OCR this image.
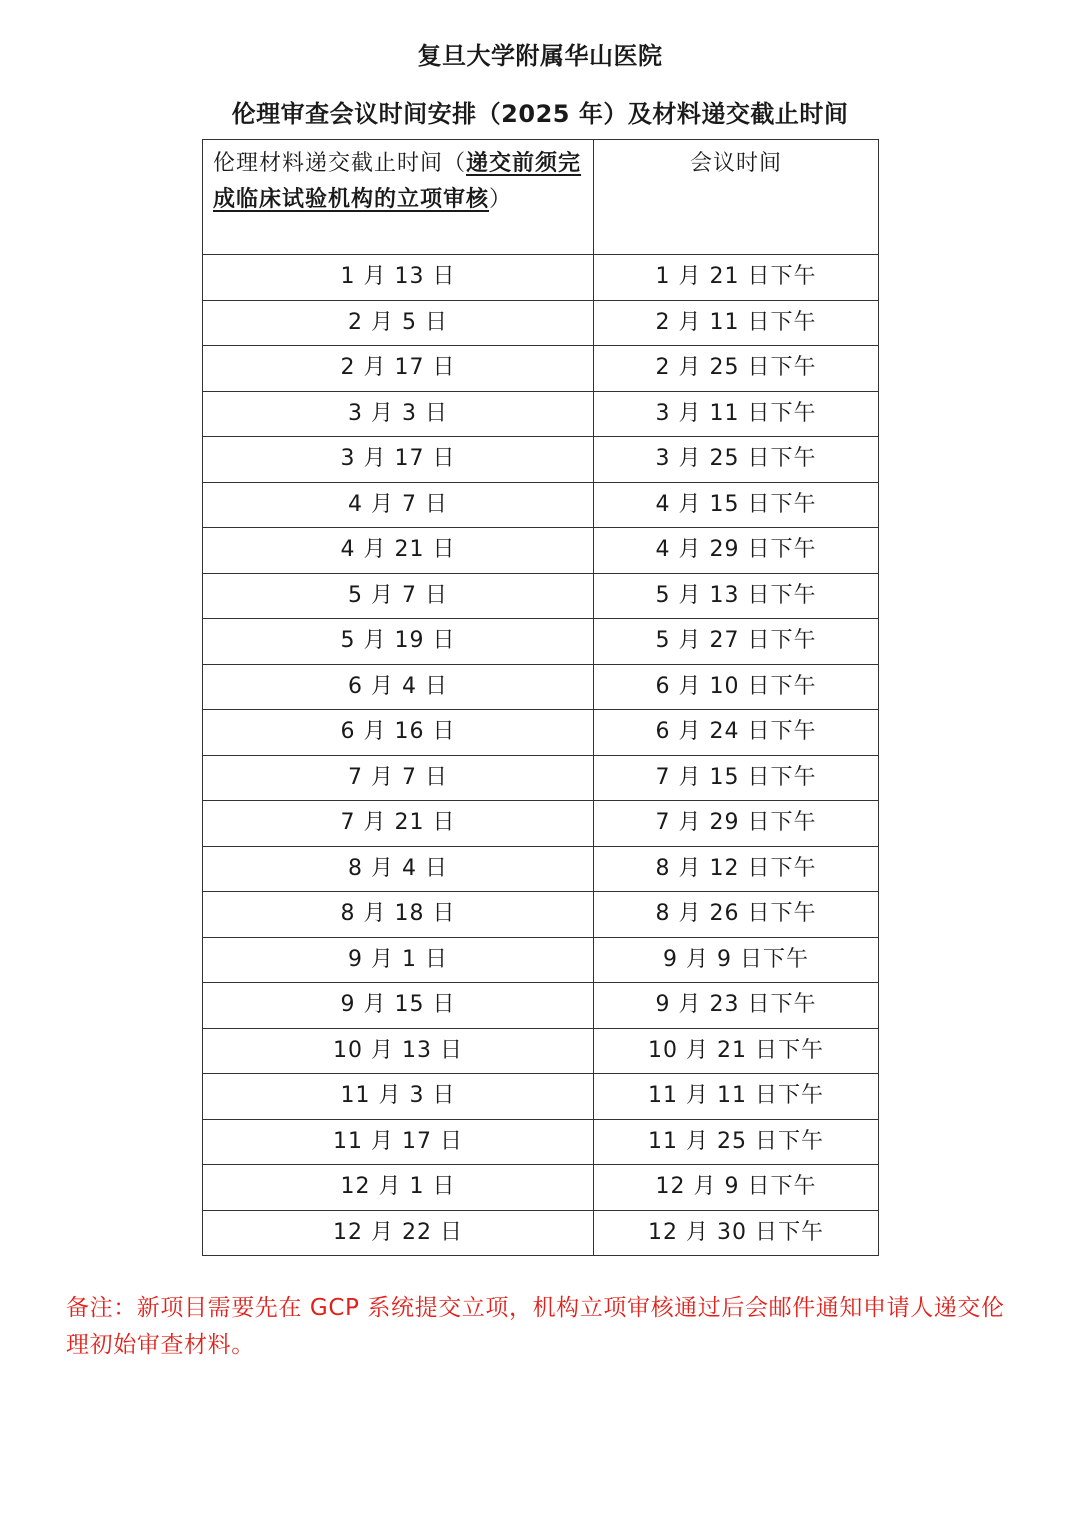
复旦大学附属华山医院
伦理审查会议时间安排（2025 年）及材料递交截止时间
伦理材料递交截止时间（递交前须完成临床试验机构的立项审核）	会议时间
1 月 13 日	1 月 21 日下午
2 月 5 日	2 月 11 日下午
2 月 17 日	2 月 25 日下午
3 月 3 日	3 月 11 日下午
3 月 17 日	3 月 25 日下午
4 月 7 日	4 月 15 日下午
4 月 21 日	4 月 29 日下午
5 月 7 日	5 月 13 日下午
5 月 19 日	5 月 27 日下午
6 月 4 日	6 月 10 日下午
6 月 16 日	6 月 24 日下午
7 月 7 日	7 月 15 日下午
7 月 21 日	7 月 29 日下午
8 月 4 日	8 月 12 日下午
8 月 18 日	8 月 26 日下午
9 月 1 日	9 月 9 日下午
9 月 15 日	9 月 23 日下午
10 月 13 日	10 月 21 日下午
11 月 3 日	11 月 11 日下午
11 月 17 日	11 月 25 日下午
12 月 1 日	12 月 9 日下午
12 月 22 日	12 月 30 日下午
备注：新项目需要先在 GCP 系统提交立项，机构立项审核通过后会邮件通知申请人递交伦理初始审查材料。
